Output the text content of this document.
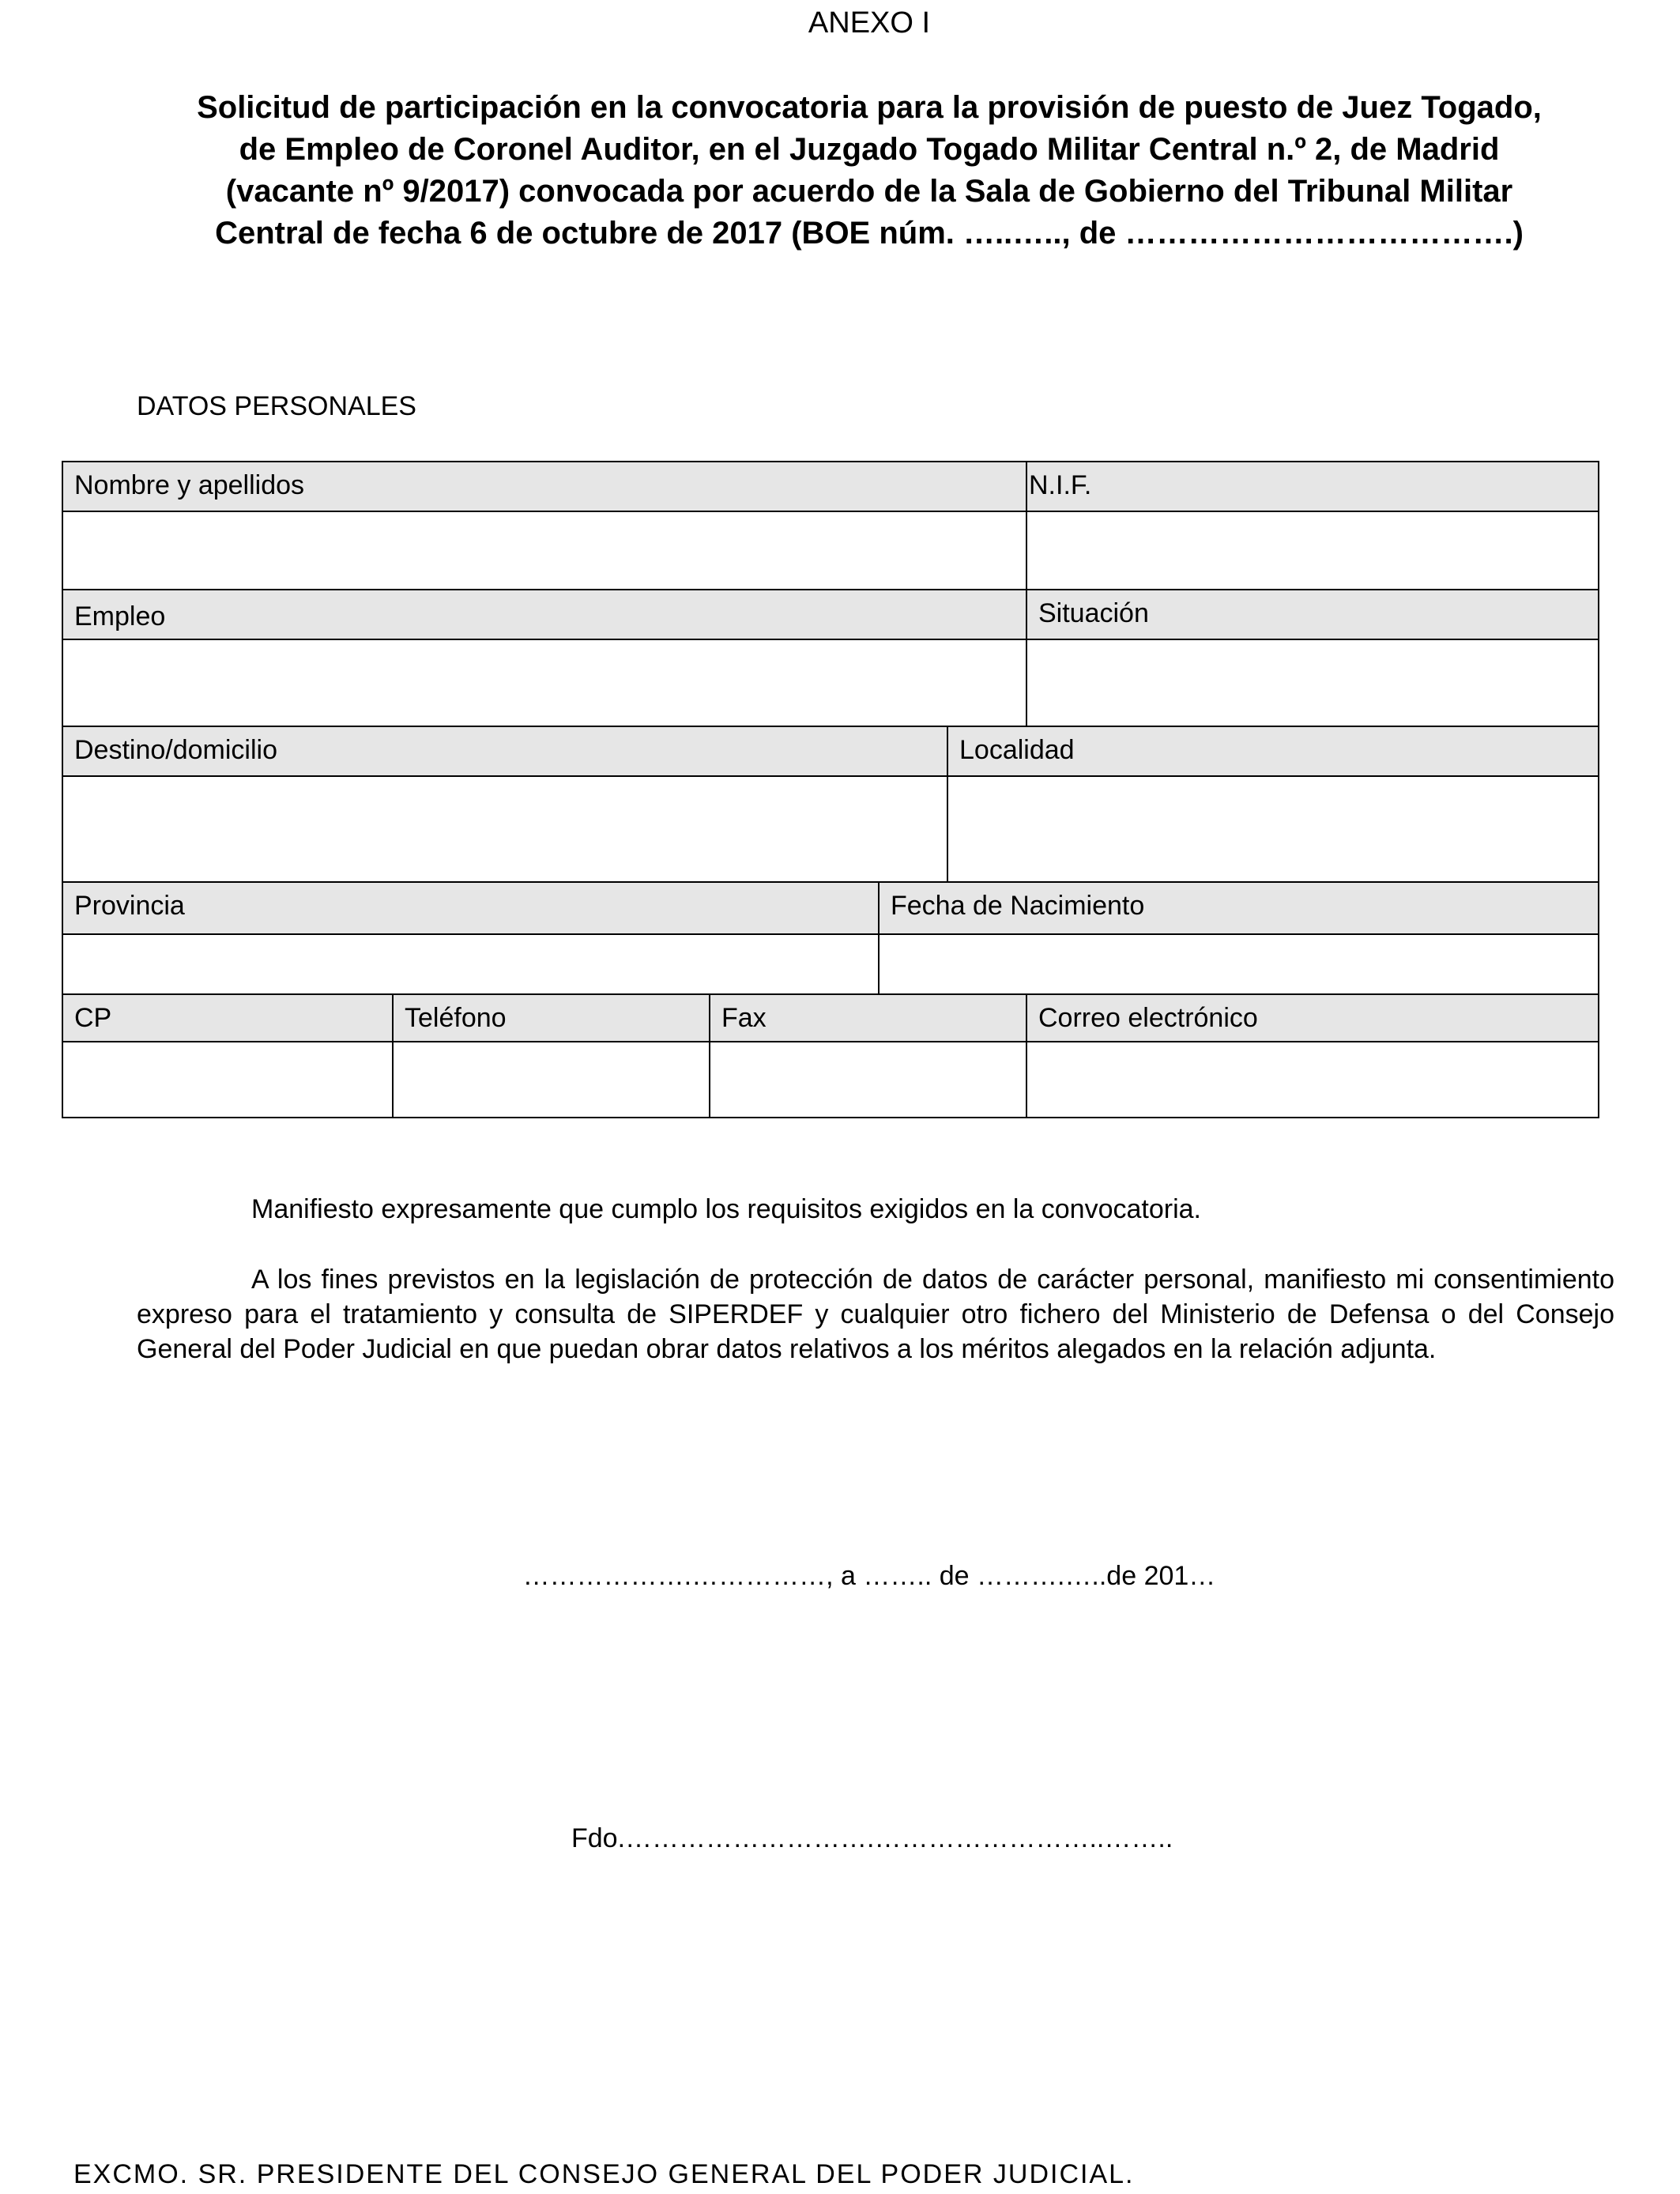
ANEXO I
Solicitud de participación en la convocatoria para la provisión de puesto de Juez Togado,
de Empleo de Coronel Auditor, en el Juzgado Togado Militar Central n.º 2, de Madrid
(vacante nº 9/2017) convocada por acuerdo de la Sala de Gobierno del Tribunal Militar
Central de fecha 6 de octubre de 2017 (BOE núm. …..….., de ……………………………….)
DATOS PERSONALES
Nombre y apellidos	N.I.F.
Empleo	Situación
Destino/domicilio	Localidad
Provincia	Fecha de Nacimiento
CP	Teléfono	Fax	Correo electrónico
Manifiesto expresamente que cumplo los requisitos exigidos en la convocatoria.
A los fines previstos en la legislación de protección de datos de carácter personal, manifiesto mi consentimiento expreso para el tratamiento y consulta de SIPERDEF y cualquier otro fichero del Ministerio de Defensa o del Consejo General del Poder Judicial en que puedan obrar datos relativos a los méritos alegados en la relación adjunta.
……………….……………, a …….. de ……….…..de 201…
Fdo.……………………….……………………..……..
EXCMO. SR. PRESIDENTE DEL CONSEJO GENERAL DEL PODER JUDICIAL.
